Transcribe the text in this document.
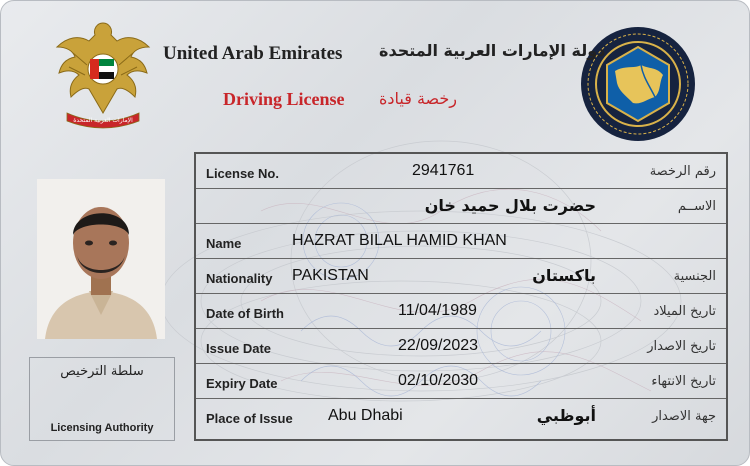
الإمارات العربية المتحدة
United Arab Emirates دولة الإمارات العربية المتحدة
Driving License رخصة قيادة
سلطة الترخيص
Licensing Authority
License No.	2941761	رقم الرخصة
حضرت بلال حميد خان	الاســم
Name	HAZRAT BILAL HAMID KHAN
Nationality PAKISTAN	باكستان	الجنسية
Date of Birth	11/04/1989	تاريخ الميلاد
Issue Date	22/09/2023	تاريخ الاصدار
Expiry Date	02/10/2030	تاريخ الانتهاء
Place of Issue Abu Dhabi	أبوظبي	جهة الاصدار
